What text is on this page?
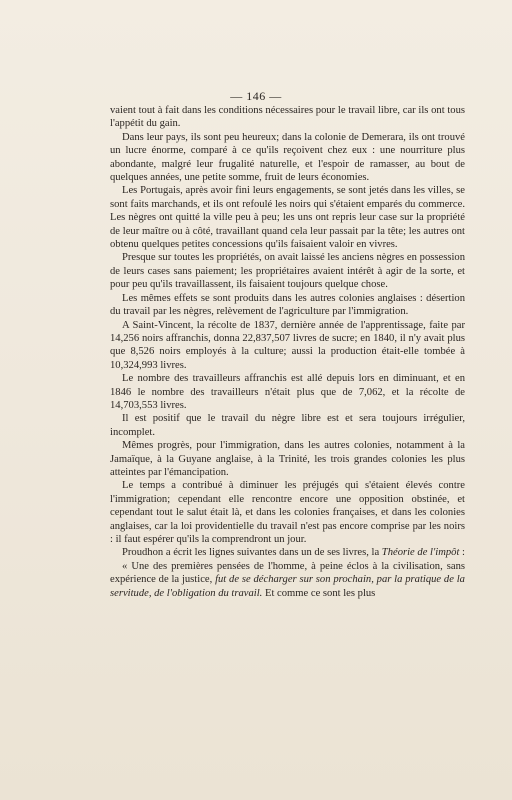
— 146 —

vaient tout à fait dans les conditions nécessaires pour le travail libre, car ils ont tous l'appétit du gain.

Dans leur pays, ils sont peu heureux; dans la colonie de Demerara, ils ont trouvé un lucre énorme, comparé à ce qu'ils reçoivent chez eux : une nourriture plus abondante, malgré leur frugalité naturelle, et l'espoir de ramasser, au bout de quelques années, une petite somme, fruit de leurs économies.

Les Portugais, après avoir fini leurs engagements, se sont jetés dans les villes, se sont faits marchands, et ils ont refoulé les noirs qui s'étaient emparés du commerce. Les nègres ont quitté la ville peu à peu; les uns ont repris leur case sur la propriété de leur maître ou à côté, travaillant quand cela leur passait par la tête; les autres ont obtenu quelques petites concessions qu'ils faisaient valoir en vivres.

Presque sur toutes les propriétés, on avait laissé les anciens nègres en possession de leurs cases sans paiement; les propriétaires avaient intérêt à agir de la sorte, et pour peu qu'ils travaillassent, ils faisaient toujours quelque chose.

Les mêmes effets se sont produits dans les autres colonies anglaises : désertion du travail par les nègres, relèvement de l'agriculture par l'immigration.

A Saint-Vincent, la récolte de 1837, dernière année de l'apprentissage, faite par 14,256 noirs affranchis, donna 22,837,507 livres de sucre; en 1840, il n'y avait plus que 8,526 noirs employés à la culture; aussi la production était-elle tombée à 10,324,993 livres.

Le nombre des travailleurs affranchis est allé depuis lors en diminuant, et en 1846 le nombre des travailleurs n'était plus que de 7,062, et la récolte de 14,703,553 livres.

Il est positif que le travail du nègre libre est et sera toujours irrégulier, incomplet.

Mêmes progrès, pour l'immigration, dans les autres colonies, notamment à la Jamaïque, à la Guyane anglaise, à la Trinité, les trois grandes colonies les plus atteintes par l'émancipation.

Le temps a contribué à diminuer les préjugés qui s'étaient élevés contre l'immigration; cependant elle rencontre encore une opposition obstinée, et cependant tout le salut était là, et dans les colonies françaises, et dans les colonies anglaises, car la loi providentielle du travail n'est pas encore comprise par les noirs : il faut espérer qu'ils la comprendront un jour.

Proudhon a écrit les lignes suivantes dans un de ses livres, la Théorie de l'impôt :

« Une des premières pensées de l'homme, à peine éclos à la civilisation, sans expérience de la justice, fut de se décharger sur son prochain, par la pratique de la servitude, de l'obligation du travail. Et comme ce sont les plus
